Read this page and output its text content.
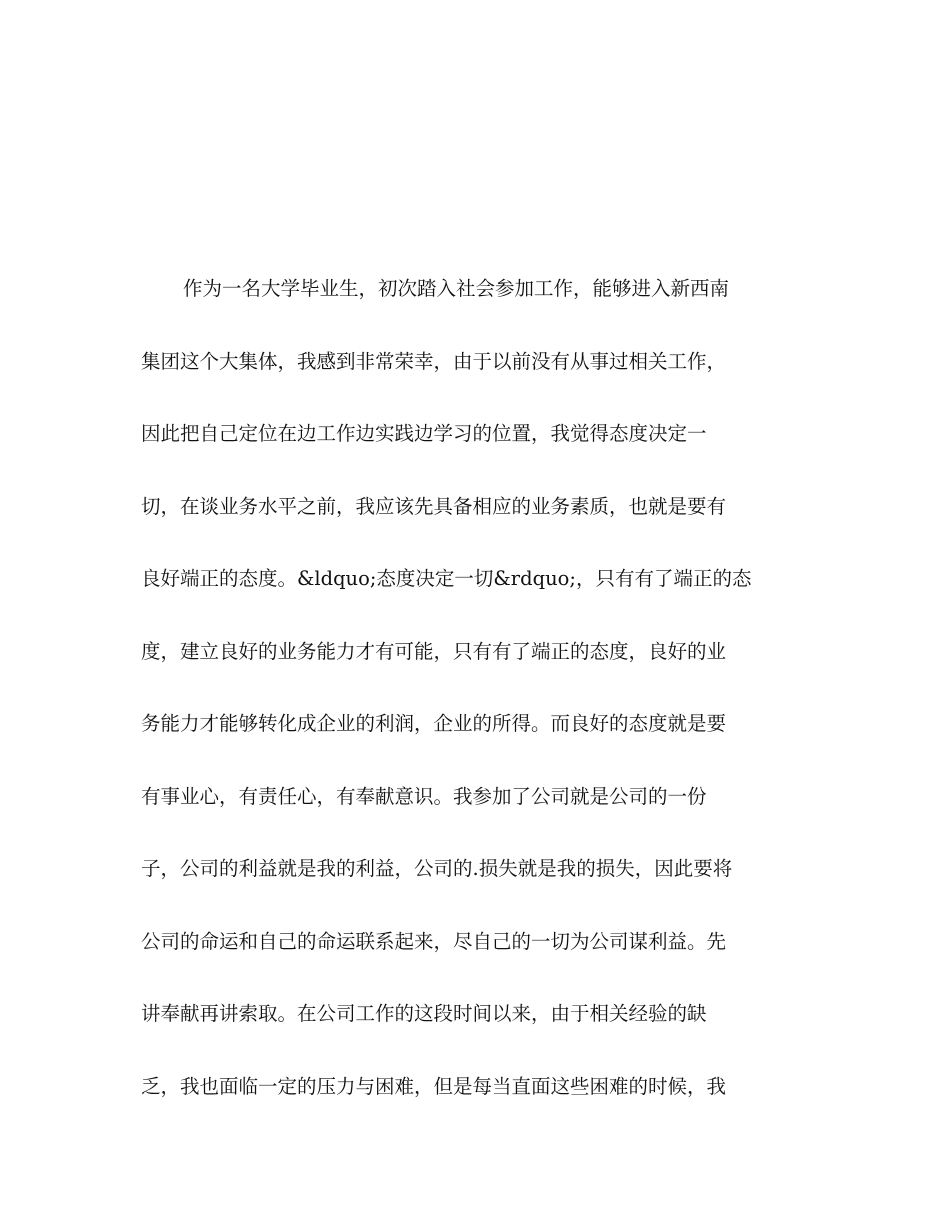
作为一名大学毕业生，初次踏入社会参加工作，能够进入新西南
集团这个大集体，我感到非常荣幸，由于以前没有从事过相关工作，
因此把自己定位在边工作边实践边学习的位置，我觉得态度决定一
切，在谈业务水平之前，我应该先具备相应的业务素质，也就是要有
良好端正的态度。&ldquo;态度决定一切&rdquo;，只有有了端正的态
度，建立良好的业务能力才有可能，只有有了端正的态度，良好的业
务能力才能够转化成企业的利润，企业的所得。而良好的态度就是要
有事业心，有责任心，有奉献意识。我参加了公司就是公司的一份
子，公司的利益就是我的利益，公司的.损失就是我的损失，因此要将
公司的命运和自己的命运联系起来，尽自己的一切为公司谋利益。先
讲奉献再讲索取。在公司工作的这段时间以来，由于相关经验的缺
乏，我也面临一定的压力与困难，但是每当直面这些困难的时候，我
